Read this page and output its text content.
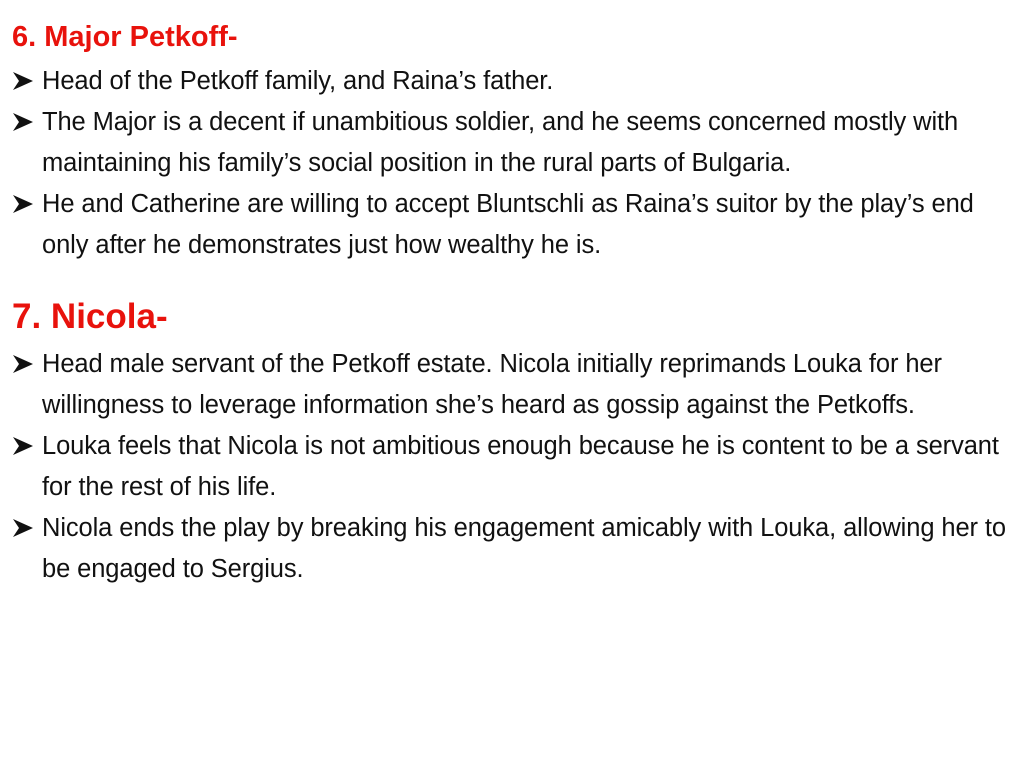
6. Major Petkoff-
Head of the Petkoff family, and Raina’s father.
The Major is a decent if unambitious soldier, and he seems concerned mostly with maintaining his family’s social position in the rural parts of Bulgaria.
He and Catherine are willing to accept Bluntschli as Raina’s suitor by the play’s end only after he demonstrates just how wealthy he is.
7. Nicola-
Head male servant of the Petkoff estate. Nicola initially reprimands Louka for her willingness to leverage information she’s heard as gossip against the Petkoffs.
Louka feels that Nicola is not ambitious enough because he is content to be a servant for the rest of his life.
Nicola ends the play by breaking his engagement amicably with Louka, allowing her to be engaged to Sergius.
